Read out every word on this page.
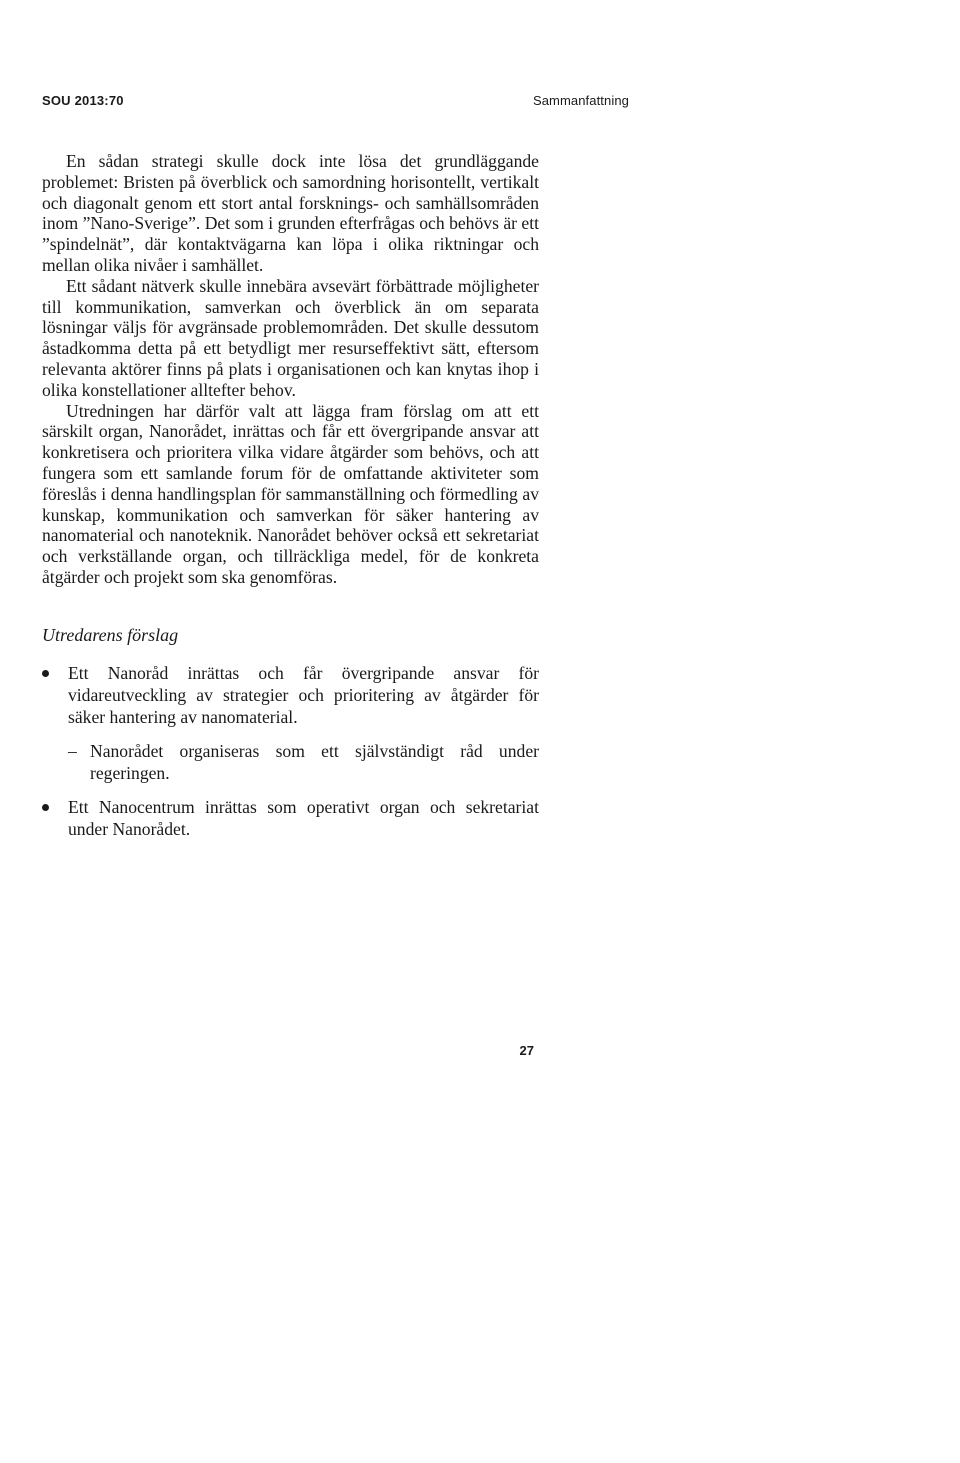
SOU 2013:70	Sammanfattning

En sådan strategi skulle dock inte lösa det grundläggande problemet: Bristen på överblick och samordning horisontellt, vertikalt och diagonalt genom ett stort antal forsknings- och samhällsområden inom ”Nano-Sverige”. Det som i grunden efterfrågas och behövs är ett ”spindelnät”, där kontaktvägarna kan löpa i olika riktningar och mellan olika nivåer i samhället.

Ett sådant nätverk skulle innebära avsevärt förbättrade möjligheter till kommunikation, samverkan och överblick än om separata lösningar väljs för avgränsade problemområden. Det skulle dessutom åstadkomma detta på ett betydligt mer resurseffektivt sätt, eftersom relevanta aktörer finns på plats i organisationen och kan knytas ihop i olika konstellationer alltefter behov.

Utredningen har därför valt att lägga fram förslag om att ett särskilt organ, Nanorådet, inrättas och får ett övergripande ansvar att konkretisera och prioritera vilka vidare åtgärder som behövs, och att fungera som ett samlande forum för de omfattande aktiviteter som föreslås i denna handlingsplan för sammanställning och förmedling av kunskap, kommunikation och samverkan för säker hantering av nanomaterial och nanoteknik. Nanorådet behöver också ett sekretariat och verkställande organ, och tillräckliga medel, för de konkreta åtgärder och projekt som ska genomföras.

Utredarens förslag
Ett Nanoråd inrättas och får övergripande ansvar för vidareutveckling av strategier och prioritering av åtgärder för säker hantering av nanomaterial.
– Nanorådet organiseras som ett självständigt råd under regeringen.
Ett Nanocentrum inrättas som operativt organ och sekretariat under Nanorådet.
27
